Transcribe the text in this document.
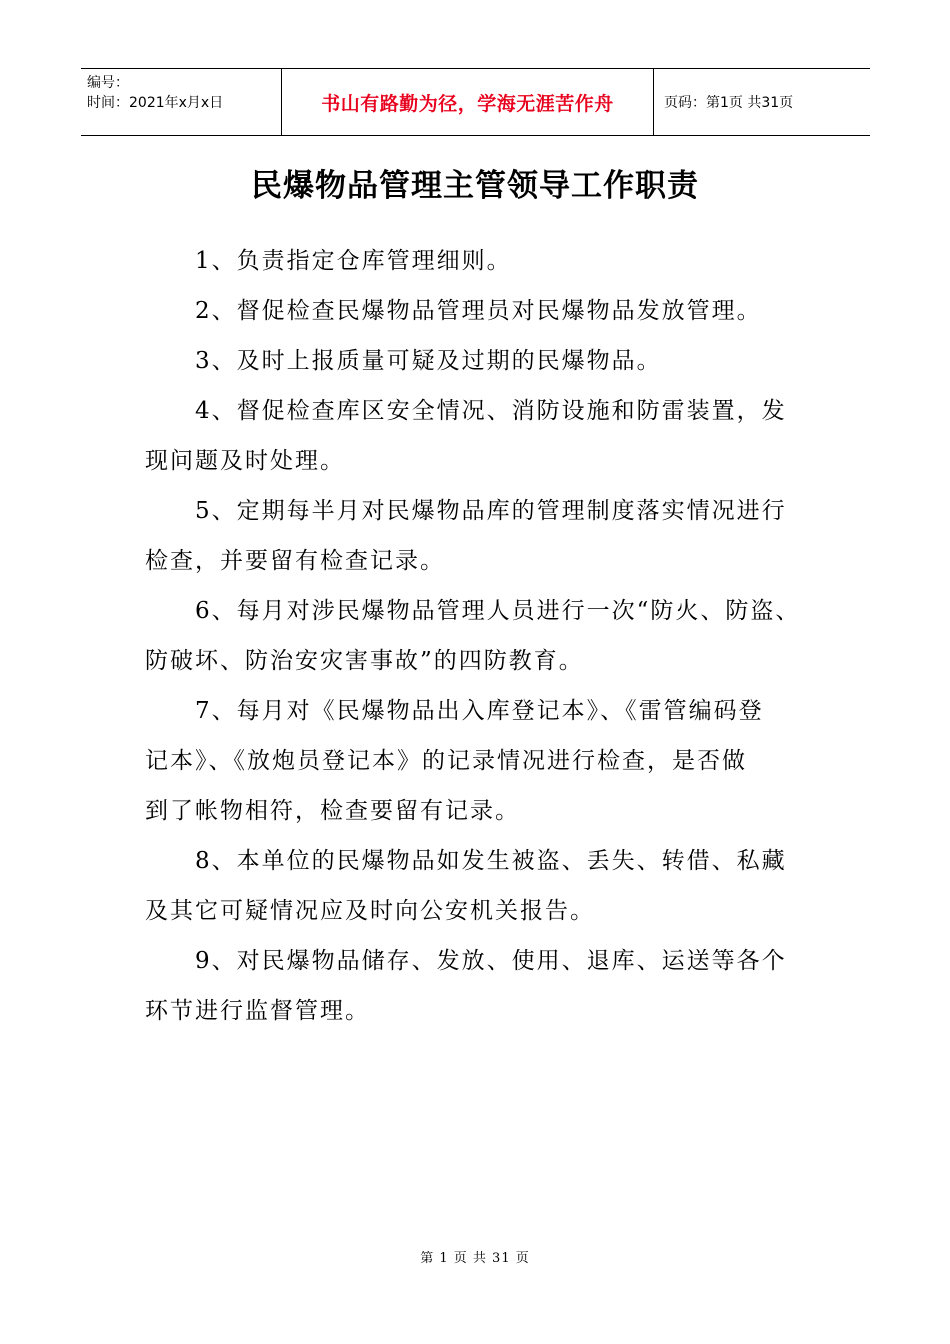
编号：
时间：2021年x月x日	书山有路勤为径，学海无涯苦作舟	页码：第1页 共31页
民爆物品管理主管领导工作职责

1、负责指定仓库管理细则。

2、督促检查民爆物品管理员对民爆物品发放管理。

3、及时上报质量可疑及过期的民爆物品。

4、督促检查库区安全情况、消防设施和防雷装置，发
现问题及时处理。

5、定期每半月对民爆物品库的管理制度落实情况进行
检查，并要留有检查记录。

6、每月对涉民爆物品管理人员进行一次“防火、防盗、
防破坏、防治安灾害事故”的四防教育。

7、每月对《民爆物品出入库登记本》、《雷管编码登
记本》、《放炮员登记本》的记录情况进行检查，是否做
到了帐物相符，检查要留有记录。

8、本单位的民爆物品如发生被盗、丢失、转借、私藏
及其它可疑情况应及时向公安机关报告。

9、对民爆物品储存、发放、使用、退库、运送等各个
环节进行监督管理。

第 1 页 共 31 页
